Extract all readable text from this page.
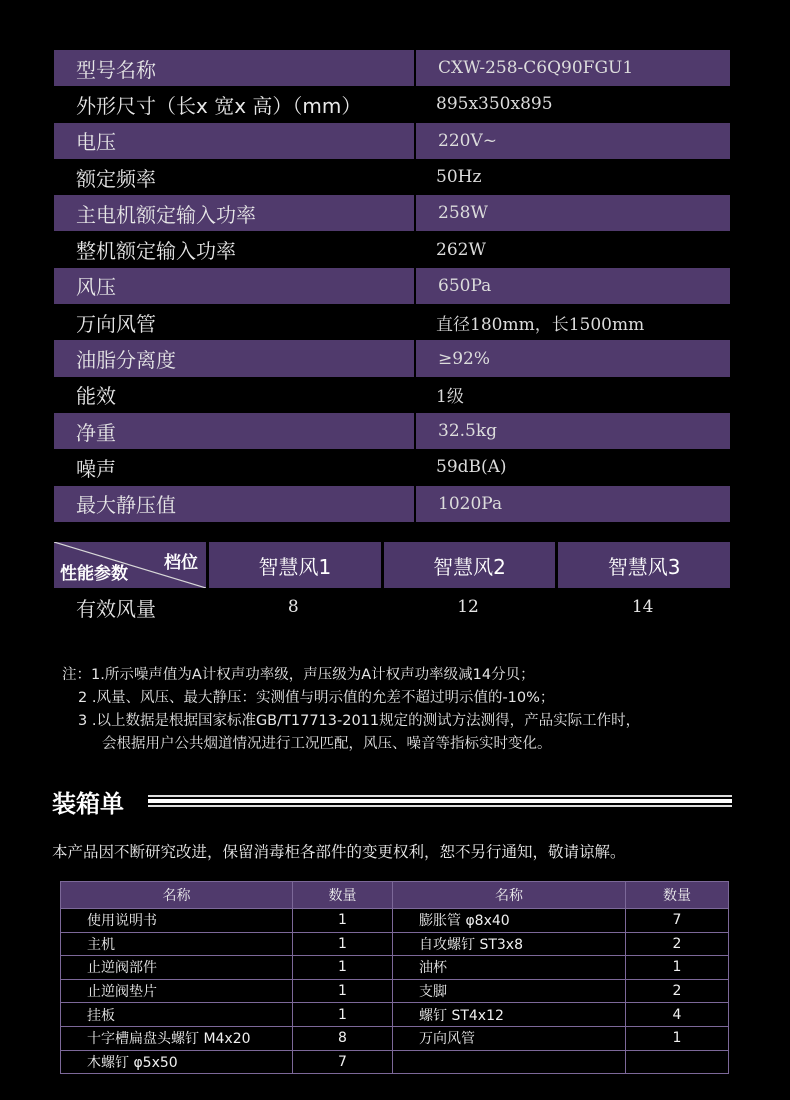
型号名称	CXW-258-C6Q90FGU1
外形尺寸（长x 宽x 高）（mm）	895x350x895
电压	220V~
额定频率	50Hz
主电机额定输入功率	258W
整机额定输入功率	262W
风压	650Pa
万向风管	直径180mm，长1500mm
油脂分离度	≥92%
能效	1级
净重	32.5kg
噪声	59dB(A)
最大静压值	1020Pa
档位
性能参数	智慧风1	智慧风2	智慧风3
有效风量	8	12	14
注：1.所示噪声值为A计权声功率级，声压级为A计权声功率级减14分贝；
2 .风量、风压、最大静压：实测值与明示值的允差不超过明示值的-10%；
3 .以上数据是根据国家标准GB/T17713-2011规定的测试方法测得，产品实际工作时，
会根据用户公共烟道情况进行工况匹配，风压、噪音等指标实时变化。
装箱单
本产品因不断研究改进，保留消毒柜各部件的变更权利，恕不另行通知，敬请谅解。
名称	数量	名称	数量
使用说明书	1	膨胀管 φ8x40	7
主机	1	自攻螺钉 ST3x8	2
止逆阀部件	1	油杯	1
止逆阀垫片	1	支脚	2
挂板	1	螺钉 ST4x12	4
十字槽扁盘头螺钉 M4x20	8	万向风管	1
木螺钉 φ5x50	7		
